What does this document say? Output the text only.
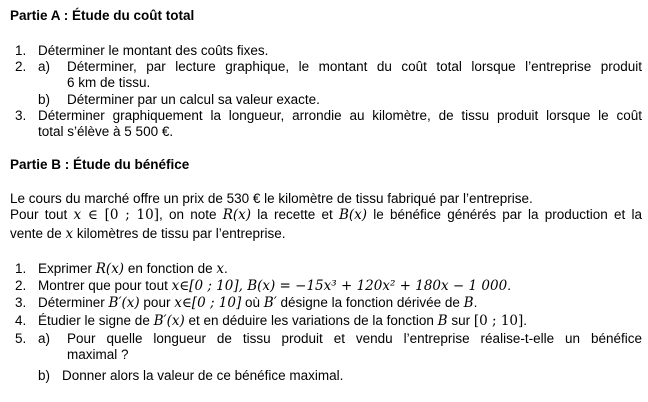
Partie A : Étude du coût total
1. Déterminer le montant des coûts fixes.
2. a) Déterminer, par lecture graphique, le montant du coût total lorsque l’entreprise produit
6 km de tissu.
b) Déterminer par un calcul sa valeur exacte.
3. Déterminer graphiquement la longueur, arrondie au kilomètre, de tissu produit lorsque le coût
total s’élève à 5 500 €.
Partie B : Étude du bénéfice
Le cours du marché offre un prix de 530 € le kilomètre de tissu fabriqué par l’entreprise.
Pour tout x ∈ [0 ; 10], on note R(x) la recette et B(x) le bénéfice générés par la production et la
vente de x kilomètres de tissu par l’entreprise.
1. Exprimer R(x) en fonction de x.
2. Montrer que pour tout x∈[0 ; 10], B(x) = −15x³ + 120x² + 180x − 1 000.
3. Déterminer B′(x) pour x∈[0 ; 10] où B′ désigne la fonction dérivée de B.
4. Étudier le signe de B′(x) et en déduire les variations de la fonction B sur [0 ; 10].
5. a) Pour quelle longueur de tissu produit et vendu l’entreprise réalise-t-elle un bénéfice
maximal ?
b) Donner alors la valeur de ce bénéfice maximal.
